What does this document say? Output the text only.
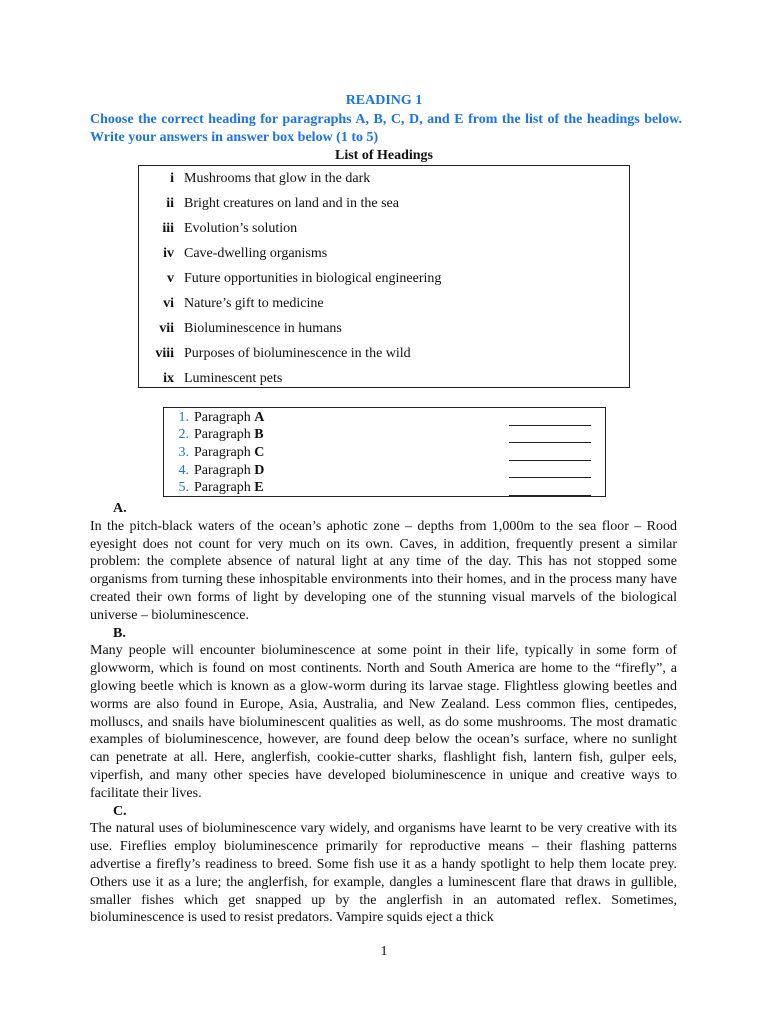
READING 1
Choose the correct heading for paragraphs A, B, C, D, and E from the list of the headings below. Write your answers in answer box below (1 to 5)
List of Headings
i Mushrooms that glow in the dark
ii Bright creatures on land and in the sea
iii Evolution’s solution
iv Cave-dwelling organisms
v Future opportunities in biological engineering
vi Nature’s gift to medicine
vii Bioluminescence in humans
viii Purposes of bioluminescence in the wild
ix Luminescent pets
1. Paragraph A
2. Paragraph B
3. Paragraph C
4. Paragraph D
5. Paragraph E
A.

In the pitch-black waters of the ocean’s aphotic zone – depths from 1,000m to the sea floor – Rood eyesight does not count for very much on its own. Caves, in addition, frequently present a similar problem: the complete absence of natural light at any time of the day. This has not stopped some organisms from turning these inhospitable environments into their homes, and in the process many have created their own forms of light by developing one of the stunning visual marvels of the biological universe – bioluminescence.

B.

Many people will encounter bioluminescence at some point in their life, typically in some form of glowworm, which is found on most continents. North and South America are home to the “firefly”, a glowing beetle which is known as a glow-worm during its larvae stage. Flightless glowing beetles and worms are also found in Europe, Asia, Australia, and New Zealand. Less common flies, centipedes, molluscs, and snails have bioluminescent qualities as well, as do some mushrooms. The most dramatic examples of bioluminescence, however, are found deep below the ocean’s surface, where no sunlight can penetrate at all. Here, anglerfish, cookie-cutter sharks, flashlight fish, lantern fish, gulper eels, viperfish, and many other species have developed bioluminescence in unique and creative ways to facilitate their lives.

C.

The natural uses of bioluminescence vary widely, and organisms have learnt to be very creative with its use. Fireflies employ bioluminescence primarily for reproductive means – their flashing patterns advertise a firefly’s readiness to breed. Some fish use it as a handy spotlight to help them locate prey. Others use it as a lure; the anglerfish, for example, dangles a luminescent flare that draws in gullible, smaller fishes which get snapped up by the anglerfish in an automated reflex. Sometimes, bioluminescence is used to resist predators. Vampire squids eject a thick

1
